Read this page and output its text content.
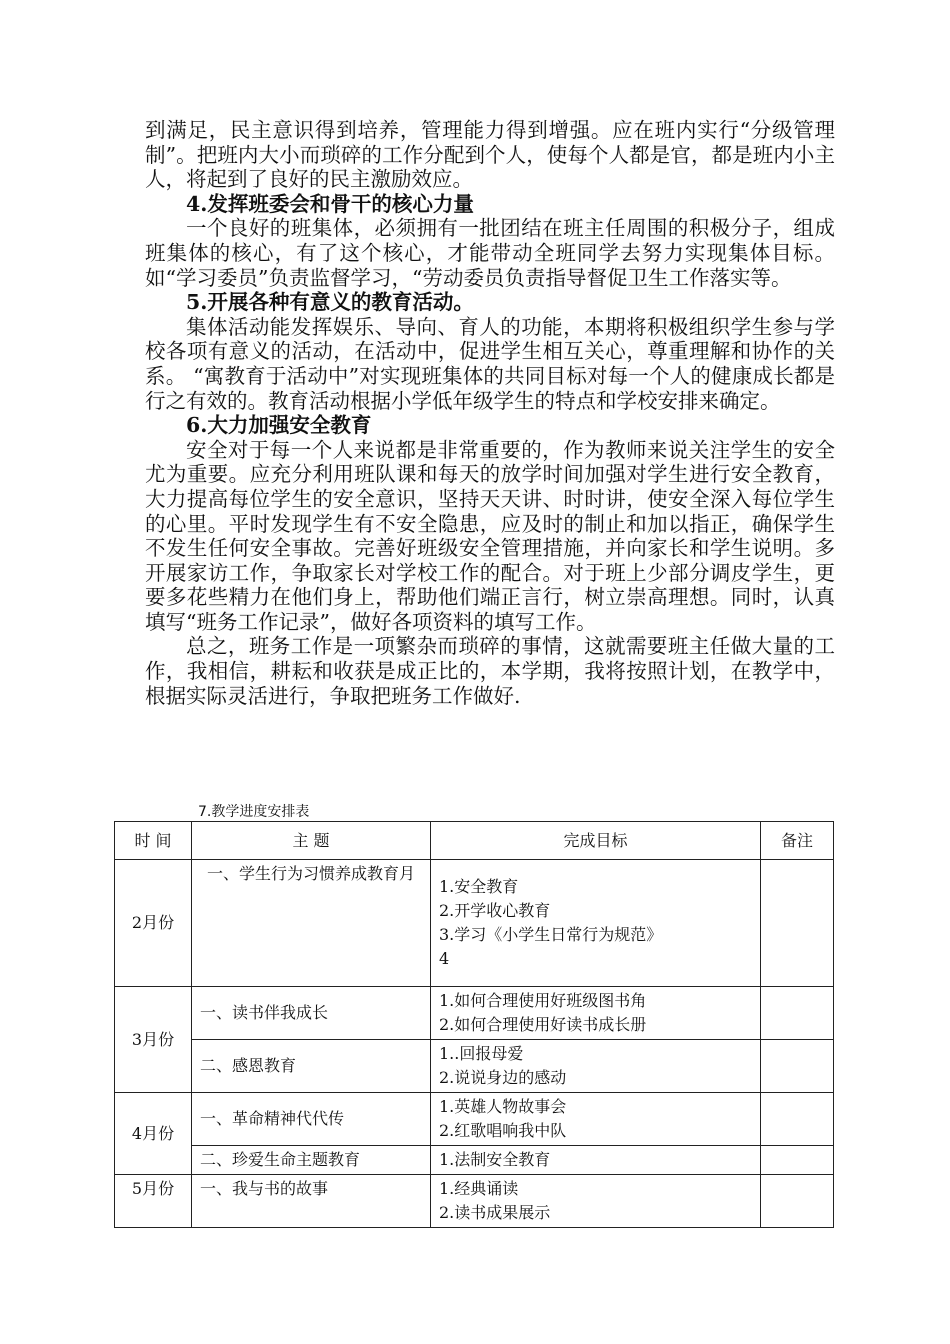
到满足，民主意识得到培养，管理能力得到增强。应在班内实行“分级管理制”。把班内大小而琐碎的工作分配到个人，使每个人都是官，都是班内小主人，将起到了良好的民主激励效应。

4.发挥班委会和骨干的核心力量

一个良好的班集体，必须拥有一批团结在班主任周围的积极分子，组成班集体的核心，有了这个核心，才能带动全班同学去努力实现集体目标。如“学习委员”负责监督学习，“劳动委员负责指导督促卫生工作落实等。

5.开展各种有意义的教育活动。

集体活动能发挥娱乐、导向、育人的功能，本期将积极组织学生参与学校各项有意义的活动，在活动中，促进学生相互关心，尊重理解和协作的关系。 “寓教育于活动中”对实现班集体的共同目标对每一个人的健康成长都是行之有效的。教育活动根据小学低年级学生的特点和学校安排来确定。

6.大力加强安全教育

安全对于每一个人来说都是非常重要的，作为教师来说关注学生的安全尤为重要。应充分利用班队课和每天的放学时间加强对学生进行安全教育，大力提高每位学生的安全意识，坚持天天讲、时时讲，使安全深入每位学生的心里。平时发现学生有不安全隐患，应及时的制止和加以指正，确保学生不发生任何安全事故。完善好班级安全管理措施，并向家长和学生说明。多开展家访工作，争取家长对学校工作的配合。对于班上少部分调皮学生，更要多花些精力在他们身上，帮助他们端正言行，树立崇高理想。同时，认真填写“班务工作记录”，做好各项资料的填写工作。

总之，班务工作是一项繁杂而琐碎的事情，这就需要班主任做大量的工作，我相信，耕耘和收获是成正比的，本学期，我将按照计划，在教学中，根据实际灵活进行，争取把班务工作做好.

7.教学进度安排表
时 间	主 题	完成目标	备注
2月份	一、学生行为习惯养成教育月	1.安全教育
2.开学收心教育
3.学习《小学生日常行为规范》
4	

3月份	一、读书伴我成长	1.如何合理使用好班级图书角
2.如何合理使用好读书成长册	

	二、感恩教育	1..回报母爱
2.说说身边的感动	

4月份	一、革命精神代代传	1.英雄人物故事会
2.红歌唱响我中队	

	二、珍爱生命主题教育	1.法制安全教育	

5月份	一、我与书的故事	1.经典诵读
2.读书成果展示	
